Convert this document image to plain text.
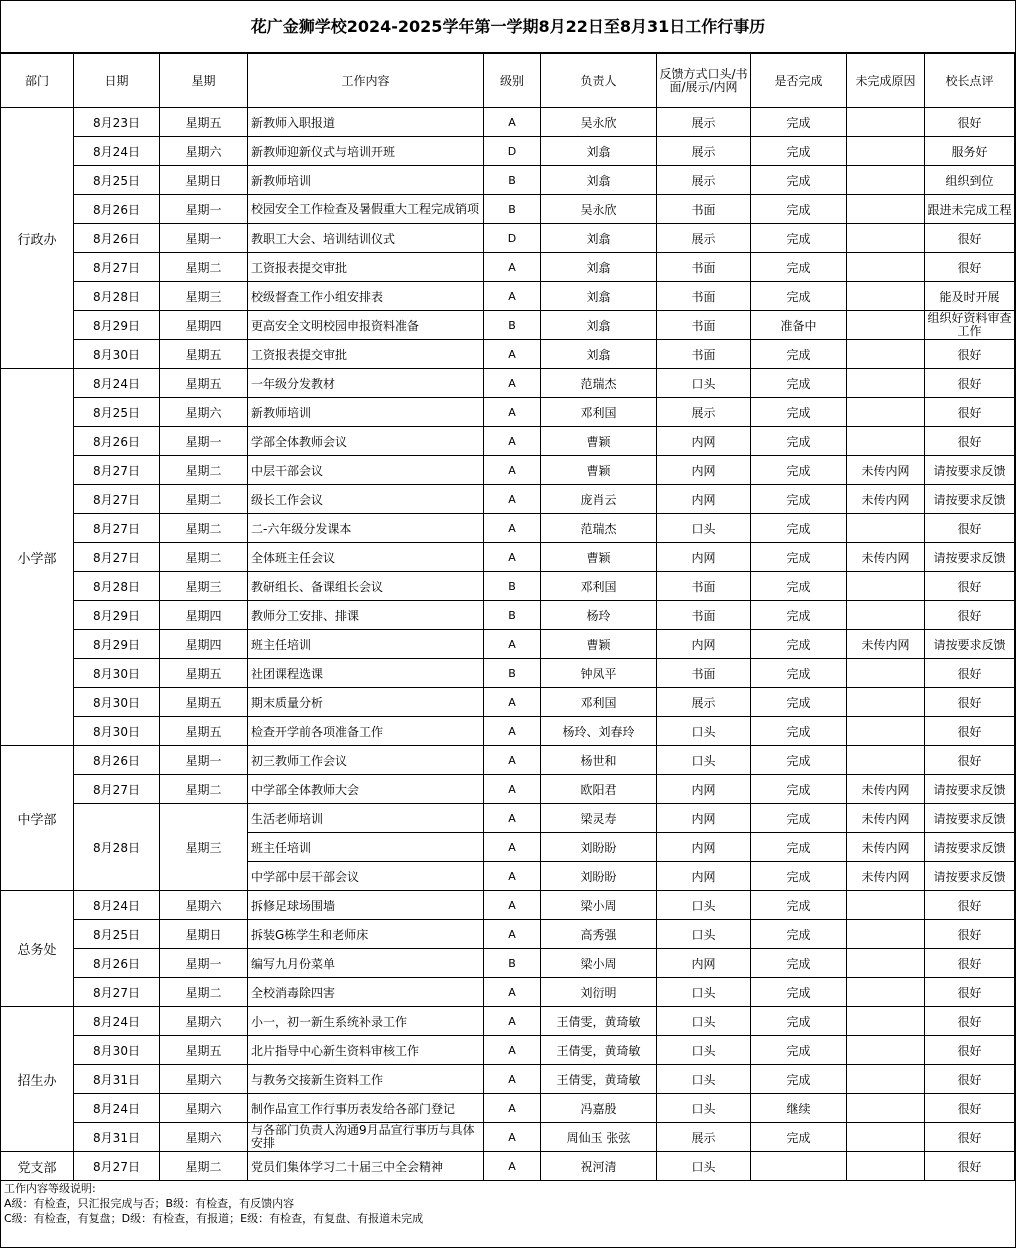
花广金狮学校2024-2025学年第一学期8月22日至8月31日工作行事历
部门	日期	星期	工作内容	级别	负责人	反馈方式口头/书面/展示/内网	是否完成	未完成原因	校长点评
行政办	8月23日	星期五	新教师入职报道	A	吴永欣	展示	完成		很好
	8月24日	星期六	新教师迎新仪式与培训开班	D	刘翕	展示	完成		服务好
	8月25日	星期日	新教师培训	B	刘翕	展示	完成		组织到位
	8月26日	星期一	校园安全工作检查及暑假重大工程完成销项	B	吴永欣	书面	完成		跟进未完成工程
	8月26日	星期一	教职工大会、培训结训仪式	D	刘翕	展示	完成		很好
	8月27日	星期二	工资报表提交审批	A	刘翕	书面	完成		很好
	8月28日	星期三	校级督查工作小组安排表	A	刘翕	书面	完成		能及时开展
	8月29日	星期四	更高安全文明校园申报资料准备	B	刘翕	书面	准备中		组织好资料审查工作
	8月30日	星期五	工资报表提交审批	A	刘翕	书面	完成		很好
小学部	8月24日	星期五	一年级分发教材	A	范瑞杰	口头	完成		很好
	8月25日	星期六	新教师培训	A	邓利国	展示	完成		很好
	8月26日	星期一	学部全体教师会议	A	曹颖	内网	完成		很好
	8月27日	星期二	中层干部会议	A	曹颖	内网	完成	未传内网	请按要求反馈
	8月27日	星期二	级长工作会议	A	庞肖云	内网	完成	未传内网	请按要求反馈
	8月27日	星期二	二-六年级分发课本	A	范瑞杰	口头	完成		很好
	8月27日	星期二	全体班主任会议	A	曹颖	内网	完成	未传内网	请按要求反馈
	8月28日	星期三	教研组长、备课组长会议	B	邓利国	书面	完成		很好
	8月29日	星期四	教师分工安排、排课	B	杨玲	书面	完成		很好
	8月29日	星期四	班主任培训	A	曹颖	内网	完成	未传内网	请按要求反馈
	8月30日	星期五	社团课程选课	B	钟凤平	书面	完成		很好
	8月30日	星期五	期末质量分析	A	邓利国	展示	完成		很好
	8月30日	星期五	检查开学前各项准备工作	A	杨玲、刘春玲	口头	完成		很好
中学部	8月26日	星期一	初三教师工作会议	A	杨世和	口头	完成		很好
	8月27日	星期二	中学部全体教师大会	A	欧阳君	内网	完成	未传内网	请按要求反馈
	8月28日	星期三	生活老师培训	A	梁灵寿	内网	完成	未传内网	请按要求反馈
			班主任培训	A	刘盼盼	内网	完成	未传内网	请按要求反馈
			中学部中层干部会议	A	刘盼盼	内网	完成	未传内网	请按要求反馈
总务处	8月24日	星期六	拆修足球场围墙	A	梁小周	口头	完成		很好
	8月25日	星期日	拆装G栋学生和老师床	A	高秀强	口头	完成		很好
	8月26日	星期一	编写九月份菜单	B	梁小周	内网	完成		很好
	8月27日	星期二	全校消毒除四害	A	刘衍明	口头	完成		很好
招生办	8月24日	星期六	小一，初一新生系统补录工作	A	王倩雯，黄琦敏	口头	完成		很好
	8月30日	星期五	北片指导中心新生资料审核工作	A	王倩雯，黄琦敏	口头	完成		很好
	8月31日	星期六	与教务交接新生资料工作	A	王倩雯，黄琦敏	口头	完成		很好
	8月24日	星期六	制作品宣工作行事历表发给各部门登记	A	冯嘉殷	口头	继续		很好
	8月31日	星期六	与各部门负责人沟通9月品宣行事历与具体安排	A	周仙玉 张弦	展示	完成		很好
党支部	8月27日	星期二	党员们集体学习二十届三中全会精神	A	祝河清	口头			很好
工作内容等级说明:
A级：有检查，只汇报完成与否；B级：有检查，有反馈内容
C级：有检查，有复盘；D级：有检查，有报道；E级：有检查，有复盘、有报道未完成
